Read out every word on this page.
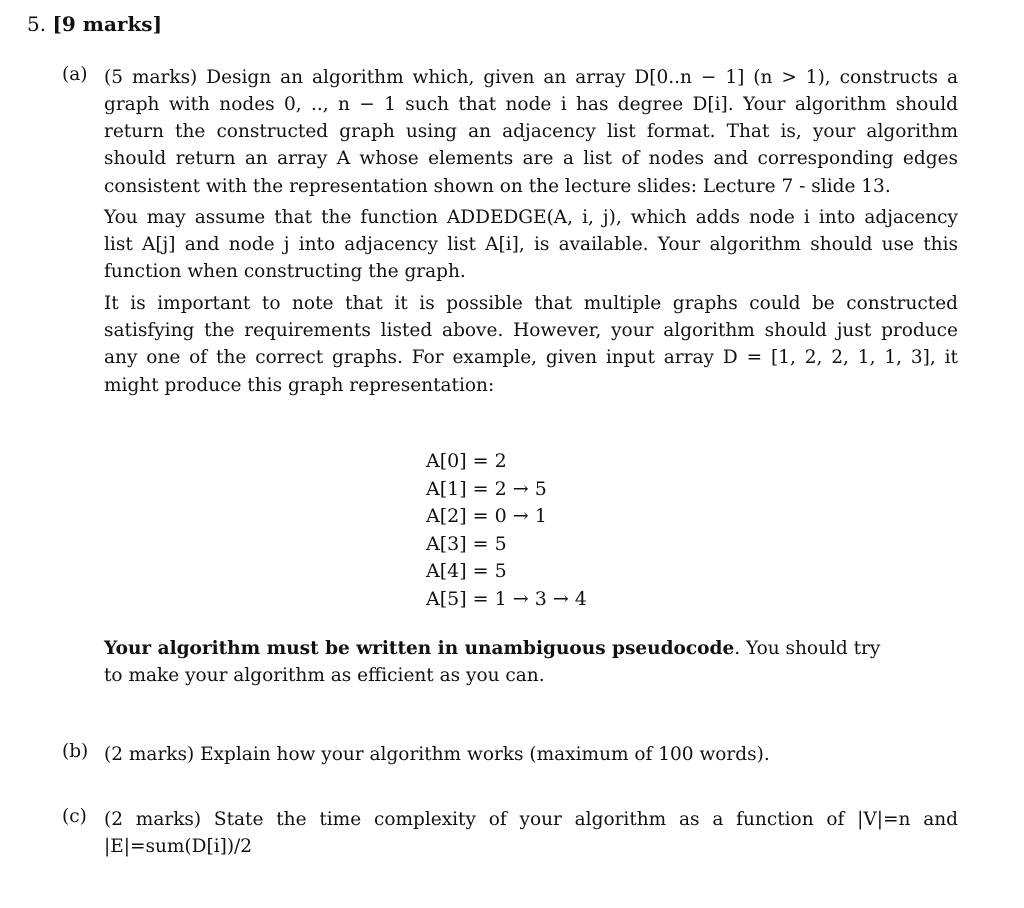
5. [9 marks]
(a) (5 marks) Design an algorithm which, given an array D[0..n − 1] (n > 1), constructs a
graph with nodes 0, .., n − 1 such that node i has degree D[i]. Your algorithm should
return the constructed graph using an adjacency list format. That is, your algorithm
should return an array A whose elements are a list of nodes and corresponding edges
consistent with the representation shown on the lecture slides: Lecture 7 - slide 13.
You may assume that the function ADDEDGE(A, i, j), which adds node i into adjacency
list A[j] and node j into adjacency list A[i], is available. Your algorithm should use this
function when constructing the graph.
It is important to note that it is possible that multiple graphs could be constructed
satisfying the requirements listed above. However, your algorithm should just produce
any one of the correct graphs. For example, given input array D = [1, 2, 2, 1, 1, 3], it
might produce this graph representation:
A[0] = 2
A[1] = 2 → 5
A[2] = 0 → 1
A[3] = 5
A[4] = 5
A[5] = 1 → 3 → 4
Your algorithm must be written in unambiguous pseudocode. You should try
to make your algorithm as efficient as you can.
(b) (2 marks) Explain how your algorithm works (maximum of 100 words).
(c) (2 marks) State the time complexity of your algorithm as a function of |V|=n and
|E|=sum(D[i])/2
